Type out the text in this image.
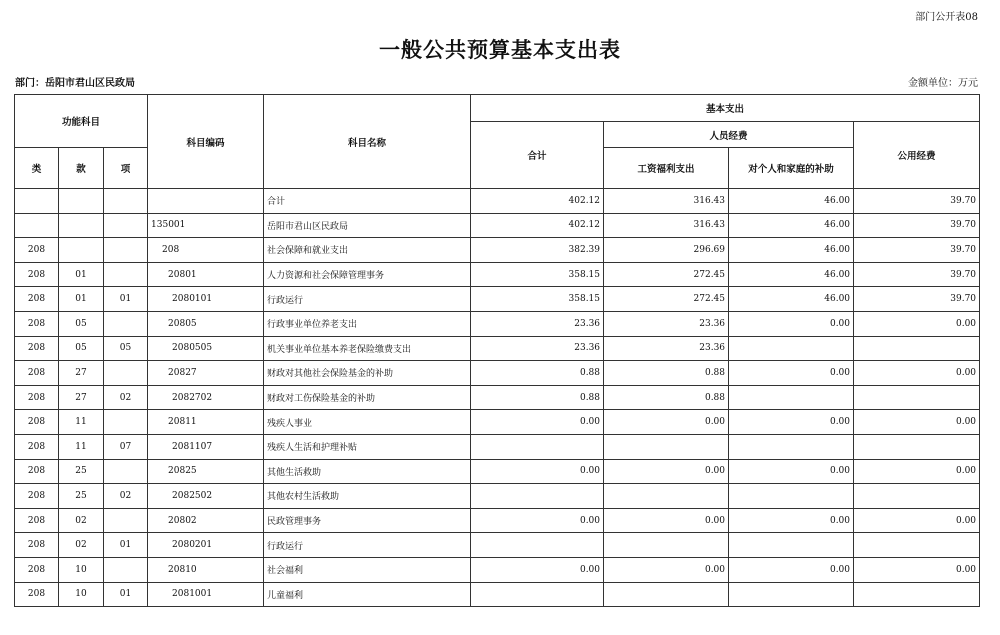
部门公开表08
一般公共预算基本支出表
部门：岳阳市君山区民政局	金额单位：万元
功能科目			科目编码	科目名称	基本支出			
					合计	人员经费		公用经费
类	款	项				工资福利支出	对个人和家庭的补助	
				合计	402.12	316.43	46.00	39.70
			135001	岳阳市君山区民政局	402.12	316.43	46.00	39.70
208			208	社会保障和就业支出	382.39	296.69	46.00	39.70
208	01		20801	人力资源和社会保障管理事务	358.15	272.45	46.00	39.70
208	01	01	2080101	行政运行	358.15	272.45	46.00	39.70
208	05		20805	行政事业单位养老支出	23.36	23.36	0.00	0.00
208	05	05	2080505	机关事业单位基本养老保险缴费支出	23.36	23.36		
208	27		20827	财政对其他社会保险基金的补助	0.88	0.88	0.00	0.00
208	27	02	2082702	财政对工伤保险基金的补助	0.88	0.88		
208	11		20811	残疾人事业	0.00	0.00	0.00	0.00
208	11	07	2081107	残疾人生活和护理补贴				
208	25		20825	其他生活救助	0.00	0.00	0.00	0.00
208	25	02	2082502	其他农村生活救助				
208	02		20802	民政管理事务	0.00	0.00	0.00	0.00
208	02	01	2080201	行政运行				
208	10		20810	社会福利	0.00	0.00	0.00	0.00
208	10	01	2081001	儿童福利				
